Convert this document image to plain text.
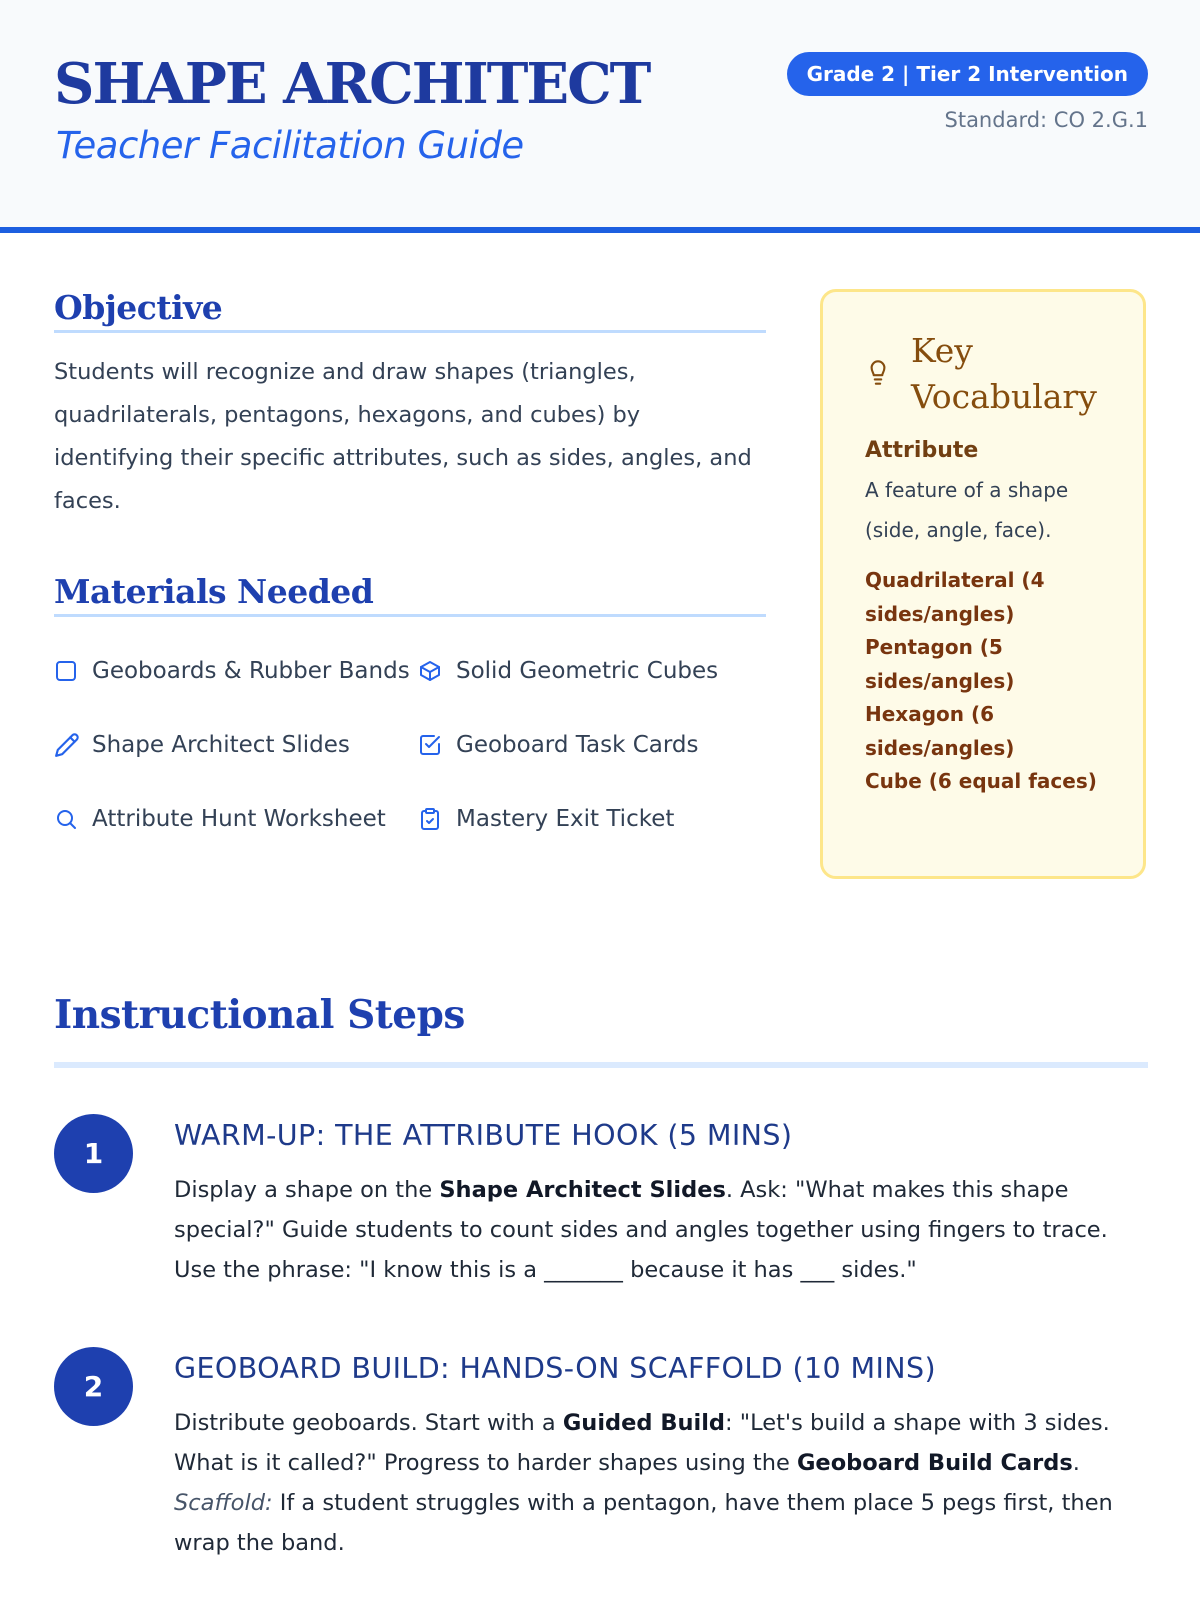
SHAPE ARCHITECT
Teacher Facilitation Guide
Grade 2 | Tier 2 Intervention
Standard: CO 2.G.1
Objective

Students will recognize and draw shapes (triangles, quadrilaterals, pentagons, hexagons, and cubes) by identifying their specific attributes, such as sides, angles, and faces.

Materials Needed
Geoboards & Rubber Bands Solid Geometric Cubes
Shape Architect Slides	Geoboard Task Cards
Attribute Hunt Worksheet	Mastery Exit Ticket
Key Vocabulary
Attribute
A feature of a shape (side, angle, face).
Quadrilateral (4 sides/angles)
Pentagon (5 sides/angles)
Hexagon (6 sides/angles)
Cube (6 equal faces)
Instructional Steps
1
WARM-UP: THE ATTRIBUTE HOOK (5 MINS)

Display a shape on the Shape Architect Slides. Ask: "What makes this shape special?" Guide students to count sides and angles together using fingers to trace. Use the phrase: "I know this is a _______ because it has ___ sides."

2
GEOBOARD BUILD: HANDS-ON SCAFFOLD (10 MINS)

Distribute geoboards. Start with a Guided Build: "Let's build a shape with 3 sides. What is it called?" Progress to harder shapes using the Geoboard Build Cards.
Scaffold: If a student struggles with a pentagon, have them place 5 pegs first, then wrap the band.
